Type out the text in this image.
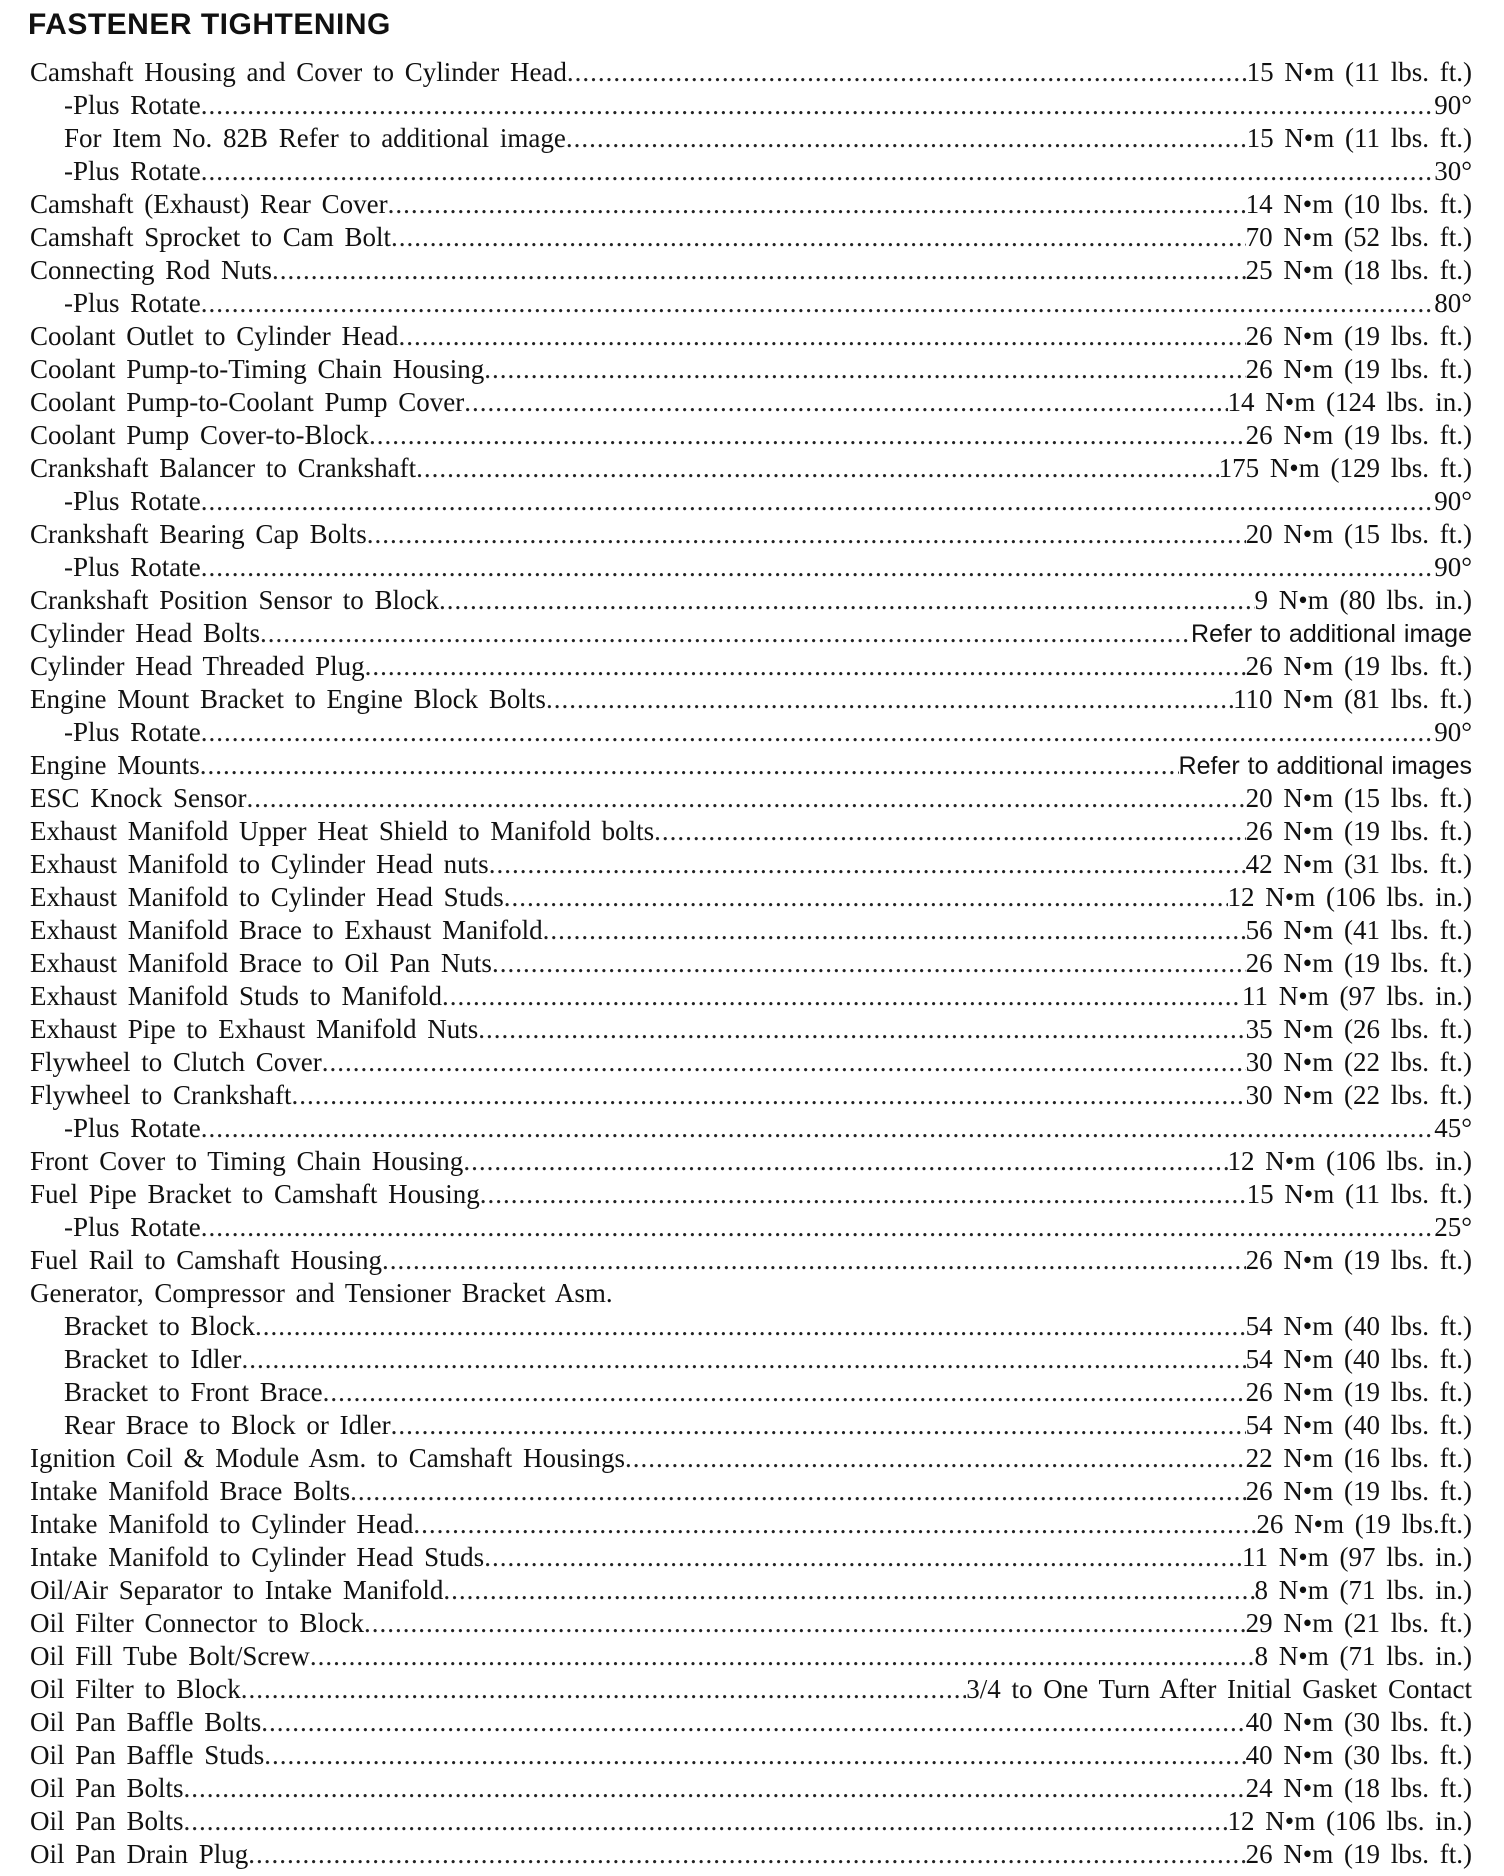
FASTENER TIGHTENING
Camshaft Housing and Cover to Cylinder Head .....	15 N•m (11 lbs. ft.)
-Plus Rotate .....	90°
For Item No. 82B Refer to additional image .....	15 N•m (11 lbs. ft.)
-Plus Rotate .....	30°
Camshaft (Exhaust) Rear Cover .....	14 N•m (10 lbs. ft.)
Camshaft Sprocket to Cam Bolt .....	70 N•m (52 lbs. ft.)
Connecting Rod Nuts .....	25 N•m (18 lbs. ft.)
-Plus Rotate .....	80°
Coolant Outlet to Cylinder Head .....	26 N•m (19 lbs. ft.)
Coolant Pump-to-Timing Chain Housing .....	26 N•m (19 lbs. ft.)
Coolant Pump-to-Coolant Pump Cover .....	14 N•m (124 lbs. in.)
Coolant Pump Cover-to-Block .....	26 N•m (19 lbs. ft.)
Crankshaft Balancer to Crankshaft .....	175 N•m (129 lbs. ft.)
-Plus Rotate .....	90°
Crankshaft Bearing Cap Bolts .....	20 N•m (15 lbs. ft.)
-Plus Rotate .....	90°
Crankshaft Position Sensor to Block .....	9 N•m (80 lbs. in.)
Cylinder Head Bolts .....	Refer to additional image
Cylinder Head Threaded Plug .....	26 N•m (19 lbs. ft.)
Engine Mount Bracket to Engine Block Bolts .....	110 N•m (81 lbs. ft.)
-Plus Rotate .....	90°
Engine Mounts .....	Refer to additional images
ESC Knock Sensor .....	20 N•m (15 lbs. ft.)
Exhaust Manifold Upper Heat Shield to Manifold bolts .....	26 N•m (19 lbs. ft.)
Exhaust Manifold to Cylinder Head nuts .....	42 N•m (31 lbs. ft.)
Exhaust Manifold to Cylinder Head Studs .....	12 N•m (106 lbs. in.)
Exhaust Manifold Brace to Exhaust Manifold .....	56 N•m (41 lbs. ft.)
Exhaust Manifold Brace to Oil Pan Nuts .....	26 N•m (19 lbs. ft.)
Exhaust Manifold Studs to Manifold .....	11 N•m (97 lbs. in.)
Exhaust Pipe to Exhaust Manifold Nuts .....	35 N•m (26 lbs. ft.)
Flywheel to Clutch Cover .....	30 N•m (22 lbs. ft.)
Flywheel to Crankshaft .....	30 N•m (22 lbs. ft.)
-Plus Rotate .....	45°
Front Cover to Timing Chain Housing .....	12 N•m (106 lbs. in.)
Fuel Pipe Bracket to Camshaft Housing .....	15 N•m (11 lbs. ft.)
-Plus Rotate .....	25°
Fuel Rail to Camshaft Housing .....	26 N•m (19 lbs. ft.)
Generator, Compressor and Tensioner Bracket Asm.
Bracket to Block .....	54 N•m (40 lbs. ft.)
Bracket to Idler .....	54 N•m (40 lbs. ft.)
Bracket to Front Brace .....	26 N•m (19 lbs. ft.)
Rear Brace to Block or Idler .....	54 N•m (40 lbs. ft.)
Ignition Coil & Module Asm. to Camshaft Housings .....	22 N•m (16 lbs. ft.)
Intake Manifold Brace Bolts .....	26 N•m (19 lbs. ft.)
Intake Manifold to Cylinder Head .....	26 N•m (19 lbs.ft.)
Intake Manifold to Cylinder Head Studs .....	11 N•m (97 lbs. in.)
Oil/Air Separator to Intake Manifold .....	8 N•m (71 lbs. in.)
Oil Filter Connector to Block .....	29 N•m (21 lbs. ft.)
Oil Fill Tube Bolt/Screw .....	8 N•m (71 lbs. in.)
Oil Filter to Block .....	3/4 to One Turn After Initial Gasket Contact
Oil Pan Baffle Bolts .....	40 N•m (30 lbs. ft.)
Oil Pan Baffle Studs .....	40 N•m (30 lbs. ft.)
Oil Pan Bolts .....	24 N•m (18 lbs. ft.)
Oil Pan Bolts .....	12 N•m (106 lbs. in.)
Oil Pan Drain Plug .....	26 N•m (19 lbs. ft.)
